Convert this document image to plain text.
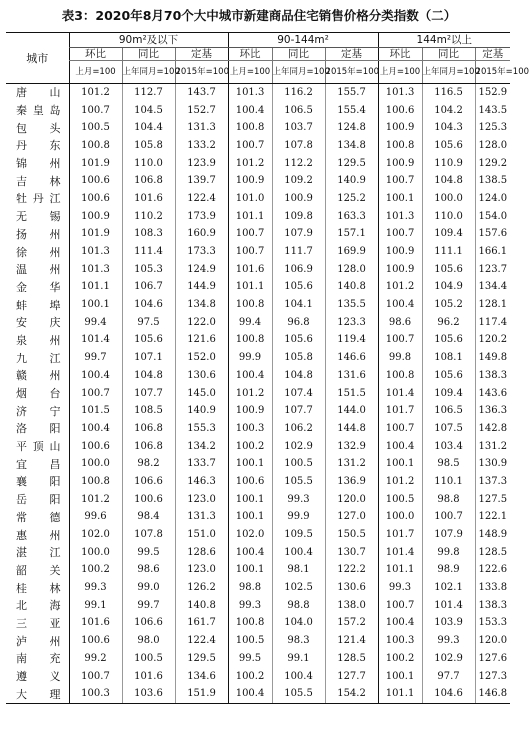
表3：2020年8月70个大中城市新建商品住宅销售价格分类指数（二）
城市	90m²及以下			90-144m²			144m²以上		
	环比	同比	定基	环比	同比	定基	环比	同比	定基
	上月=100	上年同月=100	2015年=100	上月=100	上年同月=100	2015年=100	上月=100	上年同月=100	2015年=100
唐山	101.2	112.7	143.7	101.3	116.2	155.7	101.3	116.5	152.9
秦皇岛	100.7	104.5	152.7	100.4	106.5	155.4	100.6	104.2	143.5
包头	100.5	104.4	131.3	100.8	103.7	124.8	100.9	104.3	125.3
丹东	100.8	105.8	133.2	100.7	107.8	134.8	100.8	105.6	128.0
锦州	101.9	110.0	123.9	101.2	112.2	129.5	100.9	110.9	129.2
吉林	100.6	106.8	139.7	100.9	109.2	140.9	100.7	104.8	138.5
牡丹江	100.6	101.6	122.4	101.0	100.9	125.2	100.1	100.0	124.0
无锡	100.9	110.2	173.9	101.1	109.8	163.3	101.3	110.0	154.0
扬州	101.9	108.3	160.9	100.7	107.9	157.1	100.7	109.4	157.6
徐州	101.3	111.4	173.3	100.7	111.7	169.9	100.9	111.1	166.1
温州	101.3	105.3	124.9	101.6	106.9	128.0	100.9	105.6	123.7
金华	101.1	106.7	144.9	101.1	105.6	140.8	101.2	104.9	134.4
蚌埠	100.1	104.6	134.8	100.8	104.1	135.5	100.4	105.2	128.1
安庆	99.4	97.5	122.0	99.4	96.8	123.3	98.6	96.2	117.4
泉州	101.4	105.6	121.6	100.8	105.6	119.4	100.7	105.6	120.2
九江	99.7	107.1	152.0	99.9	105.8	146.6	99.8	108.1	149.8
赣州	100.4	104.8	130.6	100.4	104.8	131.6	100.8	105.6	138.3
烟台	100.7	107.7	145.0	101.2	107.4	151.5	101.4	109.4	143.6
济宁	101.5	108.5	140.9	100.9	107.7	144.0	101.7	106.5	136.3
洛阳	100.4	106.8	155.3	100.3	106.2	144.8	100.7	107.5	142.8
平顶山	100.6	106.8	134.2	100.2	102.9	132.9	100.4	103.4	131.2
宜昌	100.0	98.2	133.7	100.1	100.5	131.2	100.1	98.5	130.9
襄阳	100.8	106.6	146.3	100.6	105.5	136.9	101.2	110.1	137.3
岳阳	101.2	100.6	123.0	100.1	99.3	120.0	100.5	98.8	127.5
常德	99.6	98.4	131.3	100.1	99.9	127.0	100.0	100.7	122.1
惠州	102.0	107.8	151.0	102.0	109.5	150.5	101.7	107.9	148.9
湛江	100.0	99.5	128.6	100.4	100.4	130.7	101.4	99.8	128.5
韶关	100.2	98.6	123.0	100.1	98.1	122.2	101.1	98.9	122.6
桂林	99.3	99.0	126.2	98.8	102.5	130.6	99.3	102.1	133.8
北海	99.1	99.7	140.8	99.3	98.8	138.0	100.7	101.4	138.3
三亚	101.6	106.6	161.7	100.8	104.0	157.2	100.4	103.9	153.3
泸州	100.6	98.0	122.4	100.5	98.3	121.4	100.3	99.3	120.0
南充	99.2	100.5	129.5	99.5	99.1	128.5	100.2	102.9	127.6
遵义	100.7	101.6	134.6	100.2	100.4	127.7	100.1	97.7	127.3
大理	100.3	103.6	151.9	100.4	105.5	154.2	101.1	104.6	146.8
